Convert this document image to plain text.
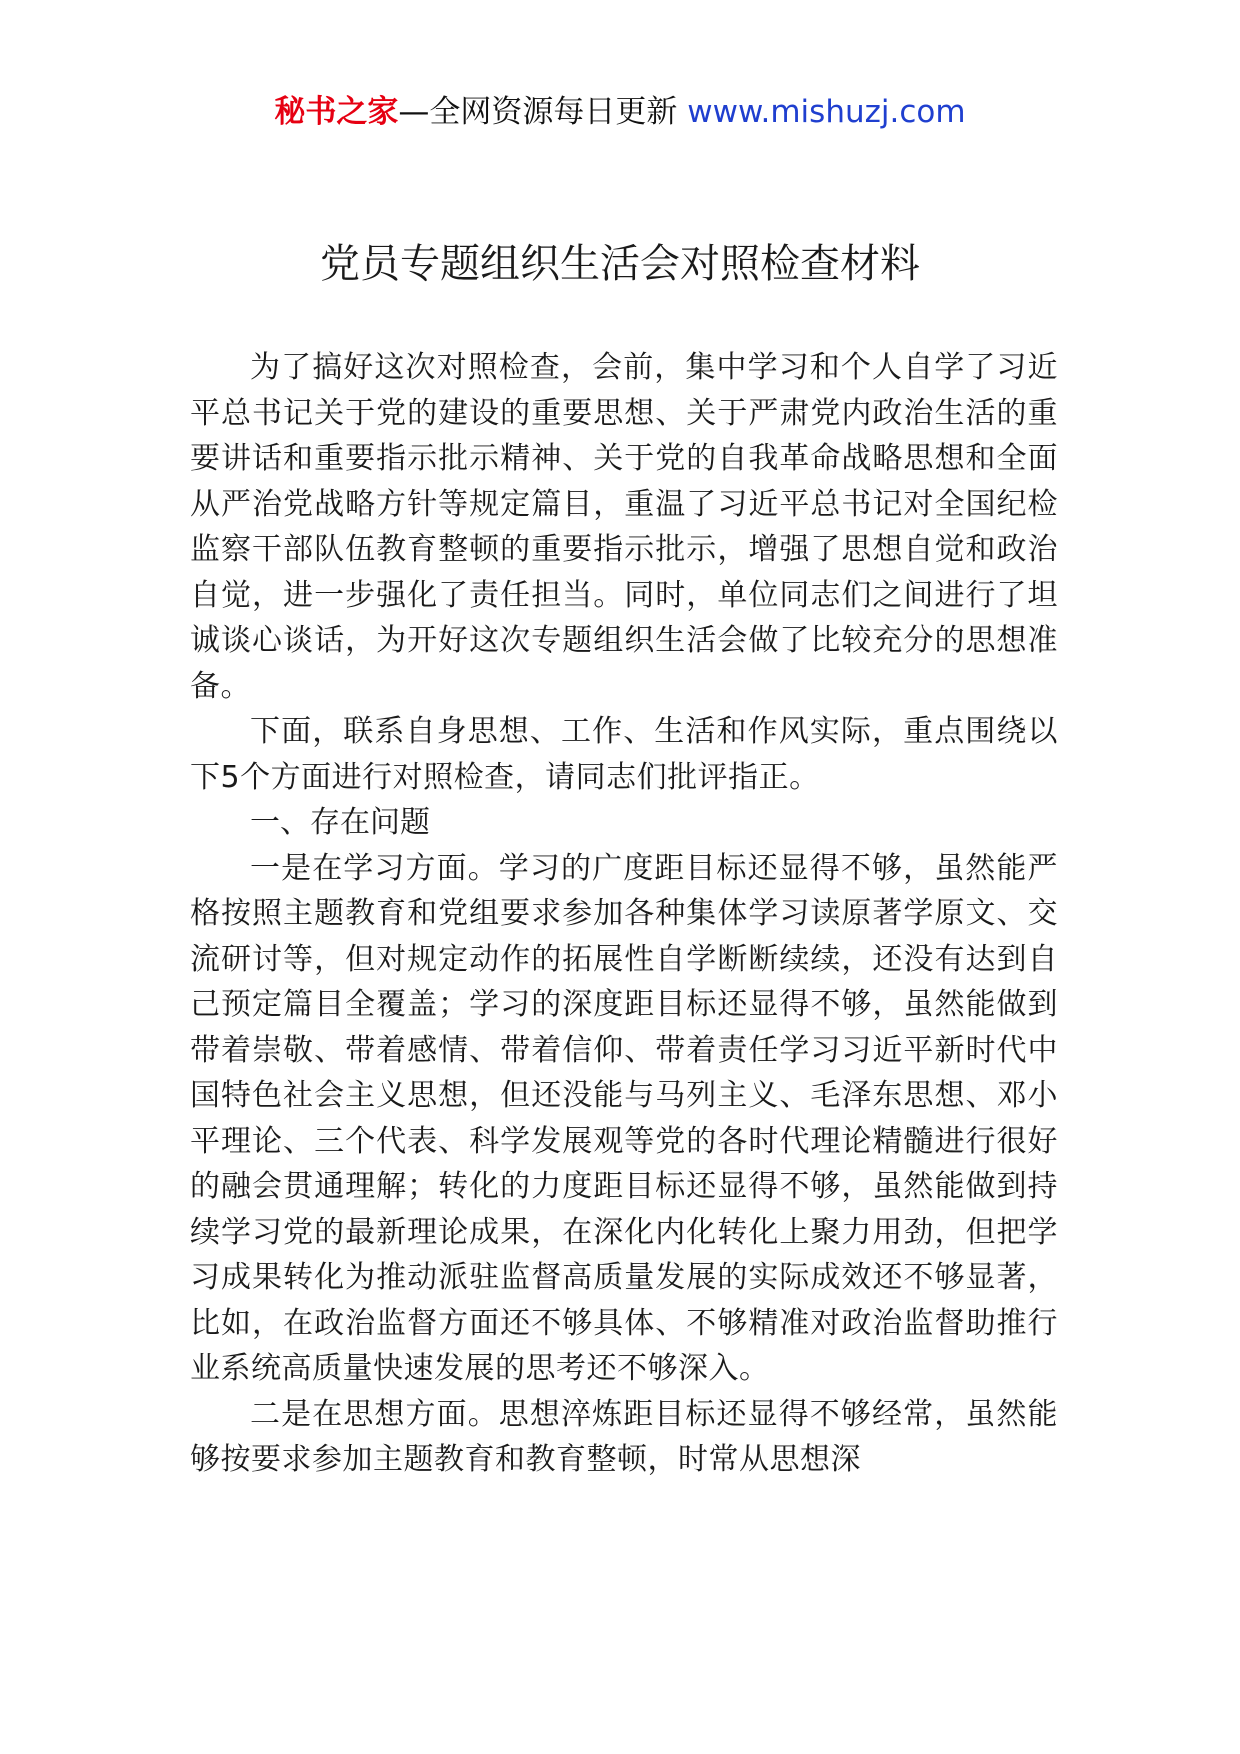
秘书之家—全网资源每日更新 www.mishuzj.com
党员专题组织生活会对照检查材料

为了搞好这次对照检查，会前，集中学习和个人自学了习近平总书记关于党的建设的重要思想、关于严肃党内政治生活的重要讲话和重要指示批示精神、关于党的自我革命战略思想和全面从严治党战略方针等规定篇目，重温了习近平总书记对全国纪检监察干部队伍教育整顿的重要指示批示，增强了思想自觉和政治自觉，进一步强化了责任担当。同时，单位同志们之间进行了坦诚谈心谈话，为开好这次专题组织生活会做了比较充分的思想准备。

下面，联系自身思想、工作、生活和作风实际，重点围绕以下5个方面进行对照检查，请同志们批评指正。

一、存在问题

一是在学习方面。学习的广度距目标还显得不够，虽然能严格按照主题教育和党组要求参加各种集体学习读原著学原文、交流研讨等，但对规定动作的拓展性自学断断续续，还没有达到自己预定篇目全覆盖；学习的深度距目标还显得不够，虽然能做到带着崇敬、带着感情、带着信仰、带着责任学习习近平新时代中国特色社会主义思想，但还没能与马列主义、毛泽东思想、邓小平理论、三个代表、科学发展观等党的各时代理论精髓进行很好的融会贯通理解；转化的力度距目标还显得不够，虽然能做到持续学习党的最新理论成果，在深化内化转化上聚力用劲，但把学习成果转化为推动派驻监督高质量发展的实际成效还不够显著，比如，在政治监督方面还不够具体、不够精准对政治监督助推行业系统高质量快速发展的思考还不够深入。

二是在思想方面。思想淬炼距目标还显得不够经常，虽然能够按要求参加主题教育和教育整顿，时常从思想深
